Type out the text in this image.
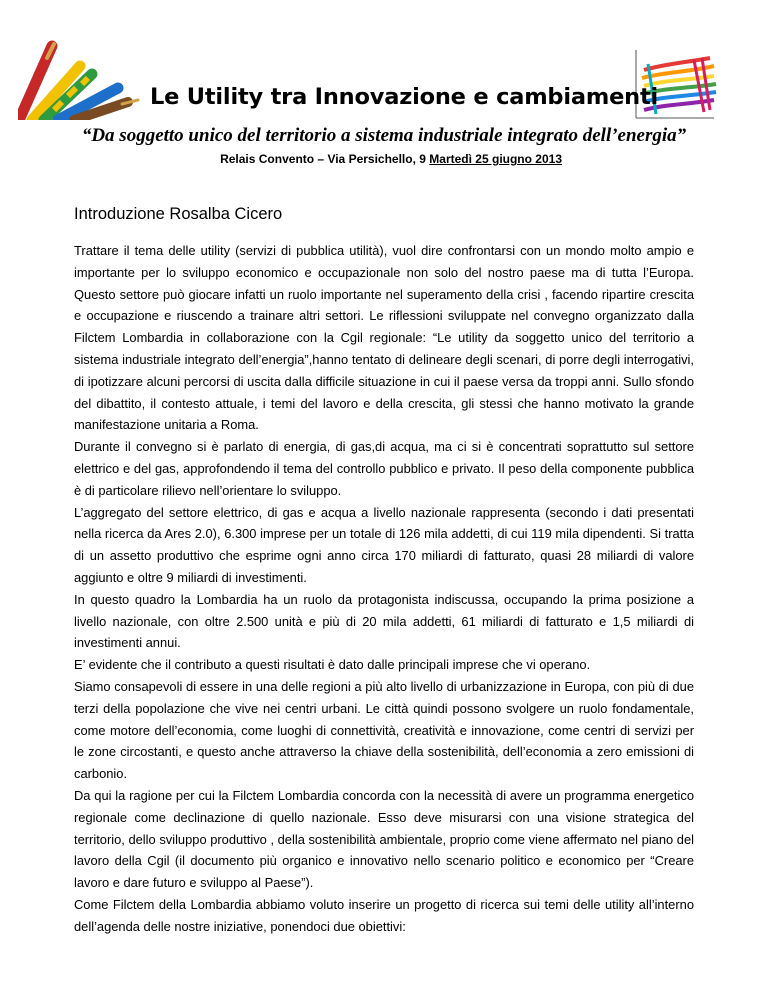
Le Utility tra Innovazione e cambiamenti
“Da soggetto unico del territorio a sistema industriale integrato dell’energia”
Relais Convento – Via Persichello, 9 Martedì 25 giugno 2013
Introduzione Rosalba Cicero

Trattare il tema delle utility (servizi di pubblica utilità), vuol dire confrontarsi con un mondo molto ampio e importante per lo sviluppo economico e occupazionale non solo del nostro paese ma di tutta l’Europa. Questo settore può giocare infatti un ruolo importante nel superamento della crisi , facendo ripartire crescita e occupazione e riuscendo a trainare altri settori. Le riflessioni sviluppate nel convegno organizzato dalla Filctem Lombardia in collaborazione con la Cgil regionale: “Le utility da soggetto unico del territorio a sistema industriale integrato dell’energia”,hanno tentato di delineare degli scenari, di porre degli interrogativi, di ipotizzare alcuni percorsi di uscita dalla difficile situazione in cui il paese versa da troppi anni. Sullo sfondo del dibattito, il contesto attuale, i temi del lavoro e della crescita, gli stessi che hanno motivato la grande manifestazione unitaria a Roma.

Durante il convegno si è parlato di energia, di gas,di acqua, ma ci si è concentrati soprattutto sul settore elettrico e del gas, approfondendo il tema del controllo pubblico e privato. Il peso della componente pubblica è di particolare rilievo nell’orientare lo sviluppo.

L’aggregato del settore elettrico, di gas e acqua a livello nazionale rappresenta (secondo i dati presentati nella ricerca da Ares 2.0), 6.300 imprese per un totale di 126 mila addetti, di cui 119 mila dipendenti. Si tratta di un assetto produttivo che esprime ogni anno circa 170 miliardi di fatturato, quasi 28 miliardi di valore aggiunto e oltre 9 miliardi di investimenti.

In questo quadro la Lombardia ha un ruolo da protagonista indiscussa, occupando la prima posizione a livello nazionale, con oltre 2.500 unità e più di 20 mila addetti, 61 miliardi di fatturato e 1,5 miliardi di investimenti annui.

E’ evidente che il contributo a questi risultati è dato dalle principali imprese che vi operano.

Siamo consapevoli di essere in una delle regioni a più alto livello di urbanizzazione in Europa, con più di due terzi della popolazione che vive nei centri urbani. Le città quindi possono svolgere un ruolo fondamentale, come motore dell’economia, come luoghi di connettività, creatività e innovazione, come centri di servizi per le zone circostanti, e questo anche attraverso la chiave della sostenibilità, dell’economia a zero emissioni di carbonio.

Da qui la ragione per cui la Filctem Lombardia concorda con la necessità di avere un programma energetico regionale come declinazione di quello nazionale. Esso deve misurarsi con una visione strategica del territorio, dello sviluppo produttivo , della sostenibilità ambientale, proprio come viene affermato nel piano del lavoro della Cgil (il documento più organico e innovativo nello scenario politico e economico per “Creare lavoro e dare futuro e sviluppo al Paese”).

Come Filctem della Lombardia abbiamo voluto inserire un progetto di ricerca sui temi delle utility all’interno dell’agenda delle nostre iniziative, ponendoci due obiettivi:
